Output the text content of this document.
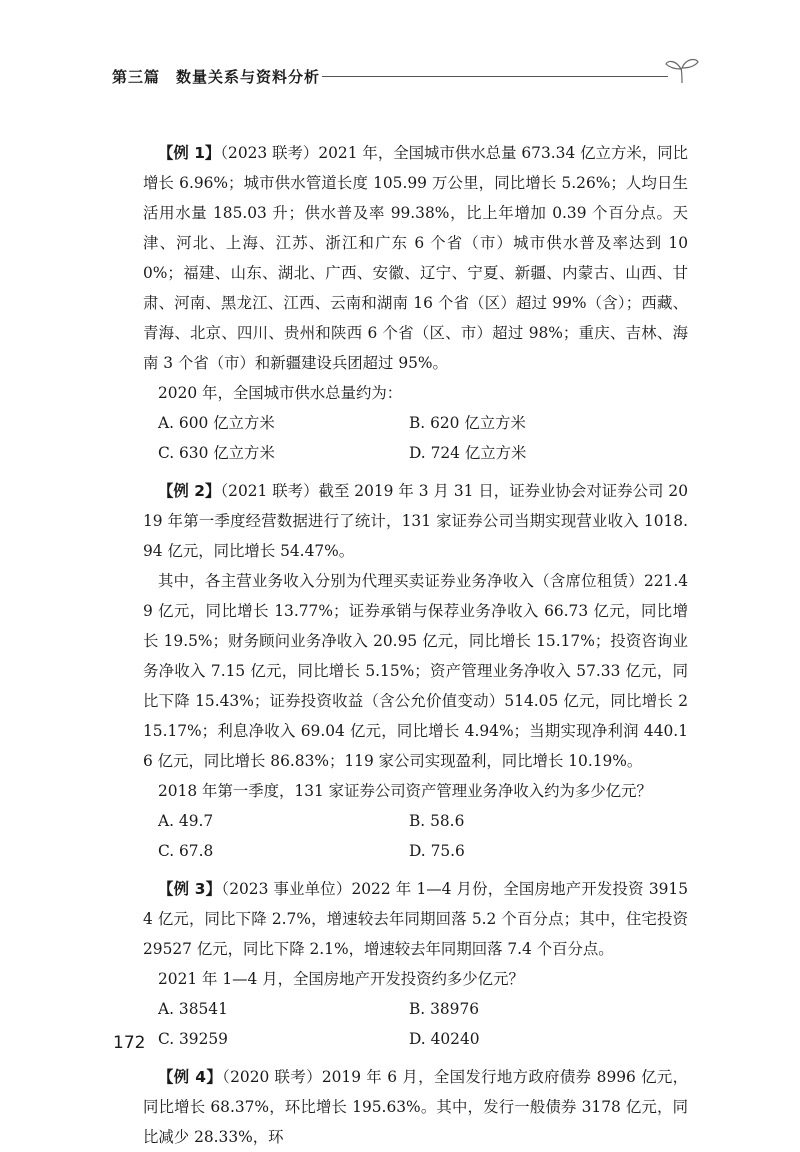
第三篇　数量关系与资料分析

【例 1】（2023 联考）2021 年，全国城市供水总量 673.34 亿立方米，同比增长 6.96%；城市供水管道长度 105.99 万公里，同比增长 5.26%；人均日生活用水量 185.03 升；供水普及率 99.38%，比上年增加 0.39 个百分点。天津、河北、上海、江苏、浙江和广东 6 个省（市）城市供水普及率达到 100%；福建、山东、湖北、广西、安徽、辽宁、宁夏、新疆、内蒙古、山西、甘肃、河南、黑龙江、江西、云南和湖南 16 个省（区）超过 99%（含）；西藏、青海、北京、四川、贵州和陕西 6 个省（区、市）超过 98%；重庆、吉林、海南 3 个省（市）和新疆建设兵团超过 95%。

2020 年，全国城市供水总量约为：

A. 600 亿立方米	B. 620 亿立方米
C. 630 亿立方米	D. 724 亿立方米

【例 2】（2021 联考）截至 2019 年 3 月 31 日，证券业协会对证券公司 2019 年第一季度经营数据进行了统计，131 家证券公司当期实现营业收入 1018.94 亿元，同比增长 54.47%。

其中，各主营业务收入分别为代理买卖证券业务净收入（含席位租赁）221.49 亿元，同比增长 13.77%；证券承销与保荐业务净收入 66.73 亿元，同比增长 19.5%；财务顾问业务净收入 20.95 亿元，同比增长 15.17%；投资咨询业务净收入 7.15 亿元，同比增长 5.15%；资产管理业务净收入 57.33 亿元，同比下降 15.43%；证券投资收益（含公允价值变动）514.05 亿元，同比增长 215.17%；利息净收入 69.04 亿元，同比增长 4.94%；当期实现净利润 440.16 亿元，同比增长 86.83%；119 家公司实现盈利，同比增长 10.19%。

2018 年第一季度，131 家证券公司资产管理业务净收入约为多少亿元？

A. 49.7	B. 58.6
C. 67.8	D. 75.6

【例 3】（2023 事业单位）2022 年 1—4 月份，全国房地产开发投资 39154 亿元，同比下降 2.7%，增速较去年同期回落 5.2 个百分点；其中，住宅投资 29527 亿元，同比下降 2.1%，增速较去年同期回落 7.4 个百分点。

2021 年 1—4 月，全国房地产开发投资约多少亿元？

A. 38541	B. 38976
C. 39259	D. 40240

【例 4】（2020 联考）2019 年 6 月，全国发行地方政府债券 8996 亿元，同比增长 68.37%，环比增长 195.63%。其中，发行一般债券 3178 亿元，同比减少 28.33%，环

172
